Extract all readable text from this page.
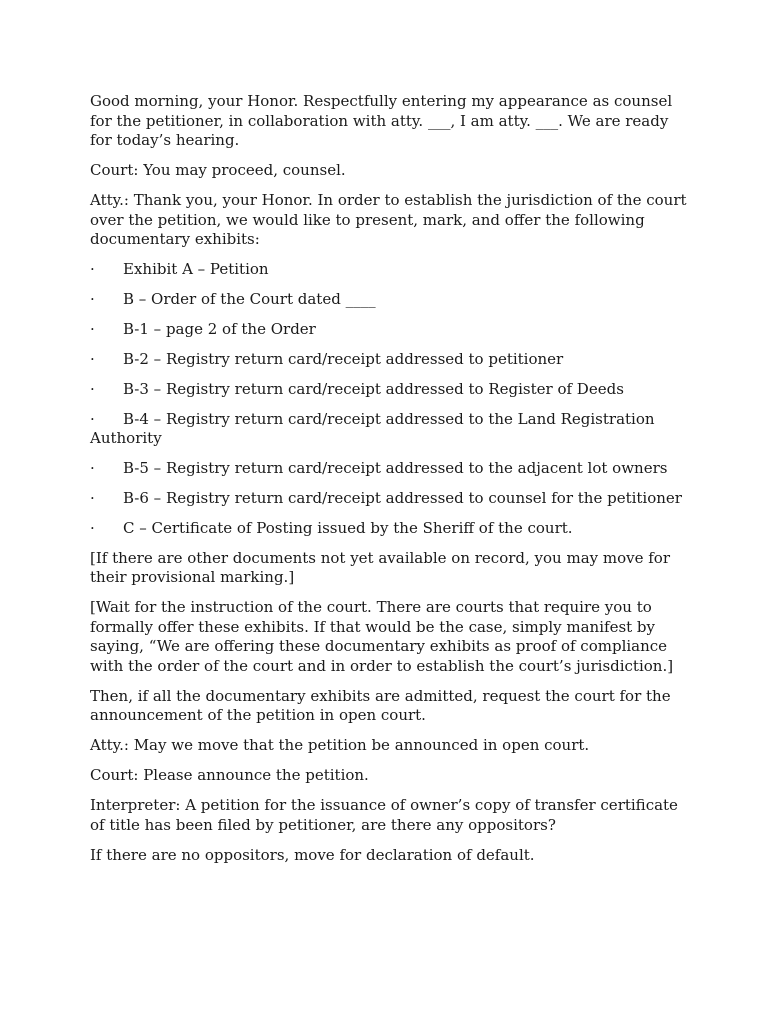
Good morning, your Honor. Respectfully entering my appearance as counsel for the petitioner, in collaboration with atty. ___, I am atty. ___. We are ready for today’s hearing.

Court: You may proceed, counsel.

Atty.: Thank you, your Honor. In order to establish the jurisdiction of the court over the petition, we would like to present, mark, and offer the following documentary exhibits:

· Exhibit A – Petition
· B – Order of the Court dated ____
· B-1 – page 2 of the Order
· B-2 – Registry return card/receipt addressed to petitioner
· B-3 – Registry return card/receipt addressed to Register of Deeds
· B-4 – Registry return card/receipt addressed to the Land Registration Authority
· B-5 – Registry return card/receipt addressed to the adjacent lot owners
· B-6 – Registry return card/receipt addressed to counsel for the petitioner
· C – Certificate of Posting issued by the Sheriff of the court.

[If there are other documents not yet available on record, you may move for their provisional marking.]

[Wait for the instruction of the court. There are courts that require you to formally offer these exhibits. If that would be the case, simply manifest by saying, “We are offering these documentary exhibits as proof of compliance with the order of the court and in order to establish the court’s jurisdiction.]

Then, if all the documentary exhibits are admitted, request the court for the announcement of the petition in open court.

Atty.: May we move that the petition be announced in open court.

Court: Please announce the petition.

Interpreter: A petition for the issuance of owner’s copy of transfer certificate of title has been filed by petitioner, are there any oppositors?

If there are no oppositors, move for declaration of default.
